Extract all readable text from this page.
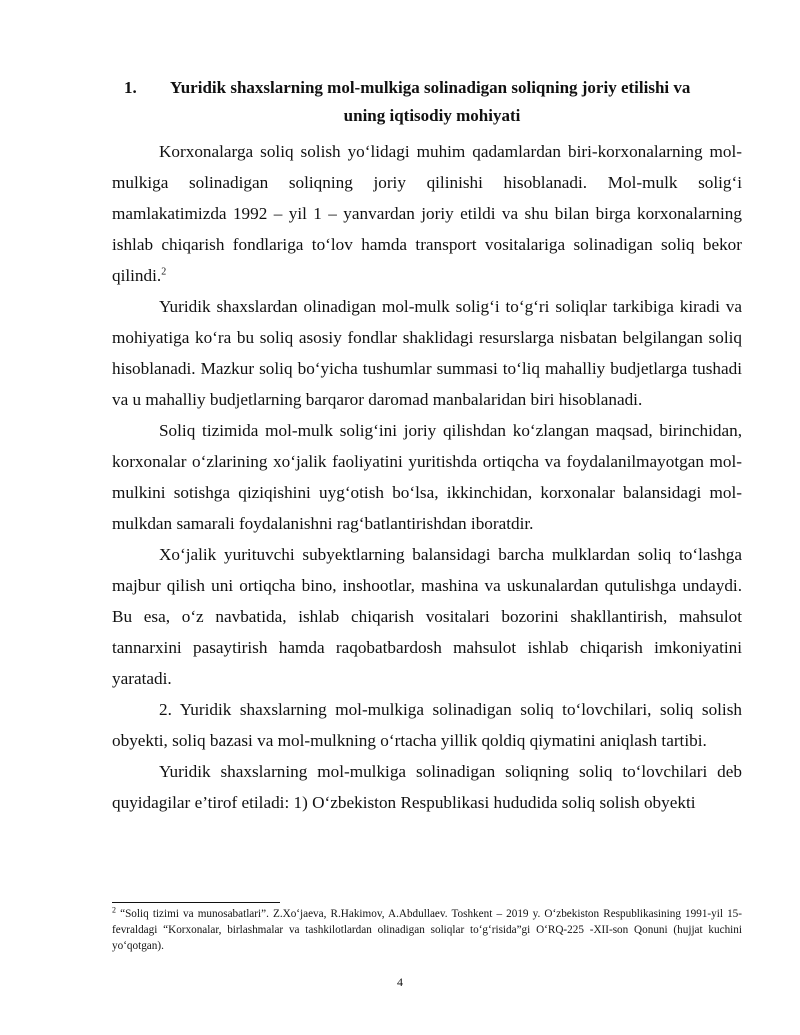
1. Yuridik shaxslarning mol-mulkiga solinadigan soliqning joriy etilishi va
uning iqtisodiy mohiyati

Korxonalarga soliq solish yo‘lidagi muhim qadamlardan biri-korxonalarning mol-mulkiga solinadigan soliqning joriy qilinishi hisoblanadi. Mol-mulk solig‘i mamlakatimizda 1992 – yil 1 – yanvardan joriy etildi va shu bilan birga korxonalarning ishlab chiqarish fondlariga to‘lov hamda transport vositalariga solinadigan soliq bekor qilindi.$^2$

Yuridik shaxslardan olinadigan mol-mulk solig‘i to‘g‘ri soliqlar tarkibiga kiradi va mohiyatiga ko‘ra bu soliq asosiy fondlar shaklidagi resurslarga nisbatan belgilangan soliq hisoblanadi. Mazkur soliq bo‘yicha tushumlar summasi to‘liq mahalliy budjetlarga tushadi va u mahalliy budjetlarning barqaror daromad manbalaridan biri hisoblanadi.

Soliq tizimida mol-mulk solig‘ini joriy qilishdan ko‘zlangan maqsad, birinchidan, korxonalar o‘zlarining xo‘jalik faoliyatini yuritishda ortiqcha va foydalanilmayotgan mol-mulkini sotishga qiziqishini uyg‘otish bo‘lsa, ikkinchidan, korxonalar balansidagi mol-mulkdan samarali foydalanishni rag‘batlantirishdan iboratdir.

Xo‘jalik yurituvchi subyektlarning balansidagi barcha mulklardan soliq to‘lashga majbur qilish uni ortiqcha bino, inshootlar, mashina va uskunalardan qutulishga undaydi. Bu esa, o‘z navbatida, ishlab chiqarish vositalari bozorini shakllantirish, mahsulot tannarxini pasaytirish hamda raqobatbardosh mahsulot ishlab chiqarish imkoniyatini yaratadi.

2. Yuridik shaxslarning mol-mulkiga solinadigan soliq to‘lovchilari, soliq solish obyekti, soliq bazasi va mol-mulkning o‘rtacha yillik qoldiq qiymatini aniqlash tartibi.

Yuridik shaxslarning mol-mulkiga solinadigan soliqning soliq to‘lovchilari deb quyidagilar e’tirof etiladi: 1) O‘zbekiston Respublikasi hududida soliq solish obyekti

$^2$ “Soliq tizimi va munosabatlari”. Z.Xo‘jaeva, R.Hakimov, A.Abdullaev. Toshkent – 2019 y. O‘zbekiston Respublikasining 1991-yil 15-fevraldagi “Korxonalar, birlashmalar va tashkilotlardan olinadigan soliqlar to‘g‘risida”gi O‘RQ-225 -XII-son Qonuni (hujjat kuchini yo‘qotgan).
4
